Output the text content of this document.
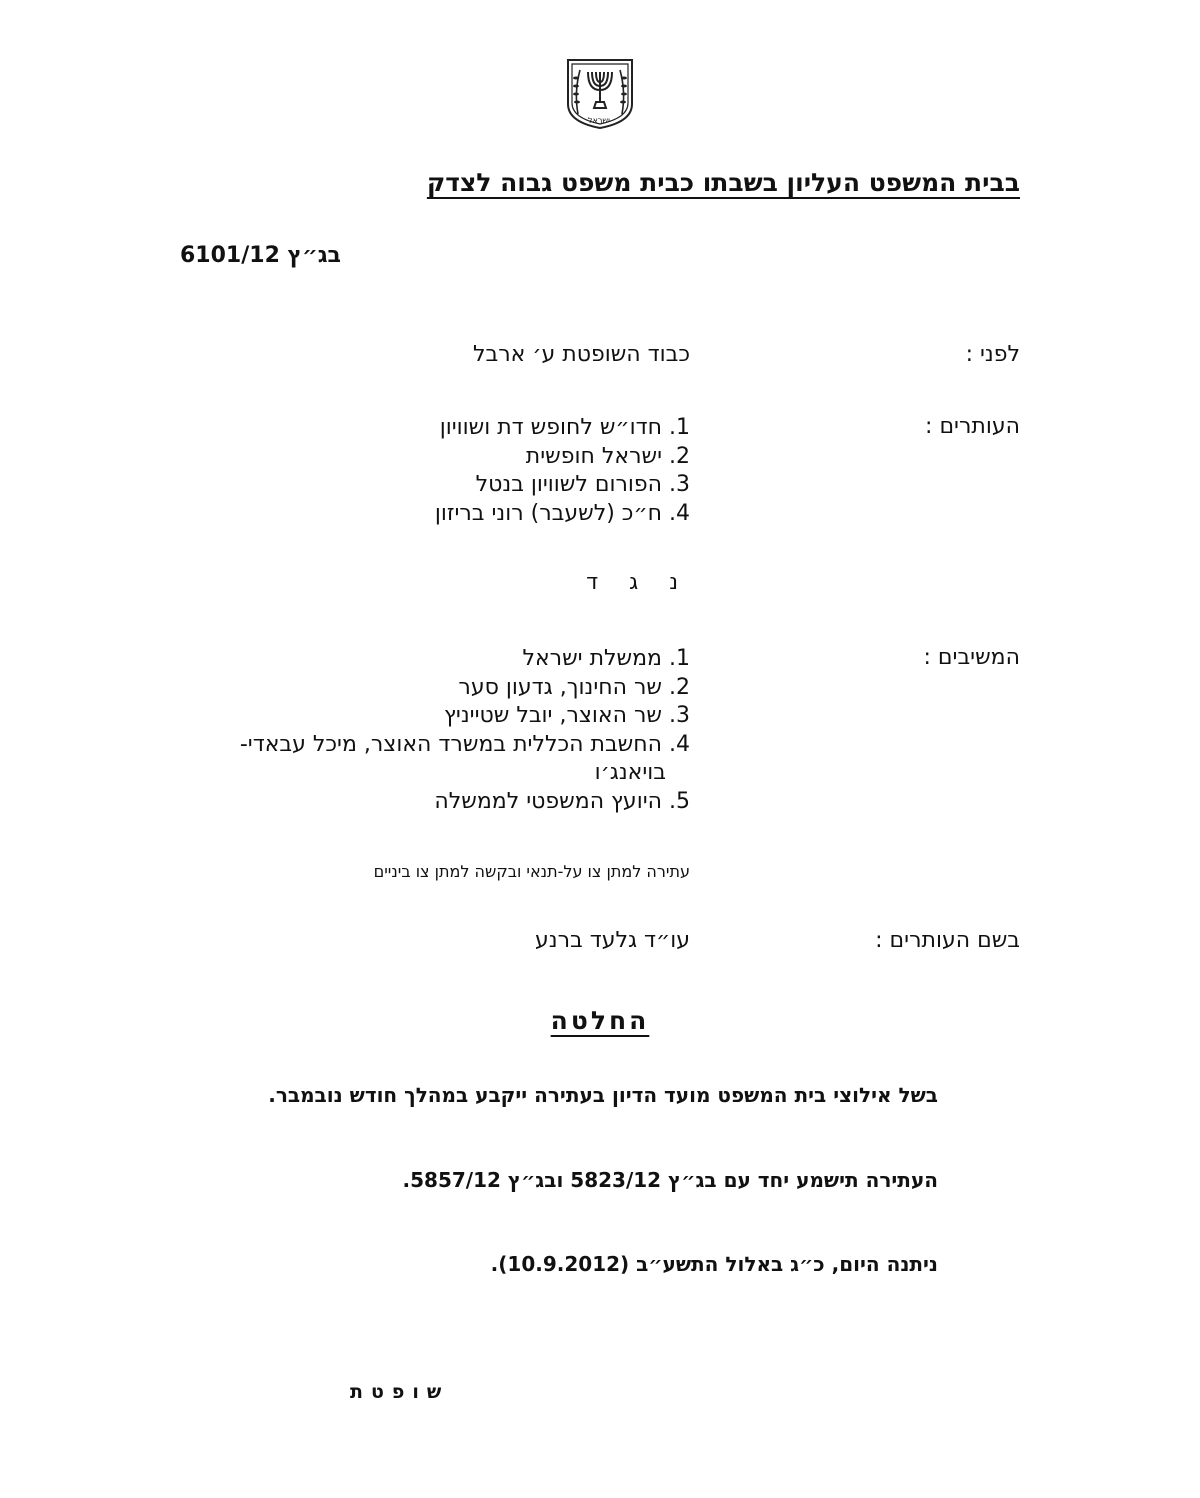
ישראל
בבית המשפט העליון בשבתו כבית משפט גבוה לצדק
בג״ץ 6101/12
לפני :
כבוד השופטת ע׳ ארבל
העותרים :
1. חדו״ש לחופש דת ושוויון
2. ישראל חופשית
3. הפורום לשוויון בנטל
4. ח״כ (לשעבר) רוני בריזון
נ ג ד
המשיבים :
1. ממשלת ישראל
2. שר החינוך, גדעון סער
3. שר האוצר, יובל שטייניץ
4. החשבת הכללית במשרד האוצר, מיכל עבאדי-
בויאנג׳ו
5. היועץ המשפטי לממשלה
עתירה למתן צו על-תנאי ובקשה למתן צו ביניים
בשם העותרים :
עו״ד גלעד ברנע
החלטה
בשל אילוצי בית המשפט מועד הדיון בעתירה ייקבע במהלך חודש נובמבר.
העתירה תישמע יחד עם בג״ץ 5823/12 ובג״ץ 5857/12.
ניתנה היום, כ״ג באלול התשע״ב (10.9.2012).
שופטת
